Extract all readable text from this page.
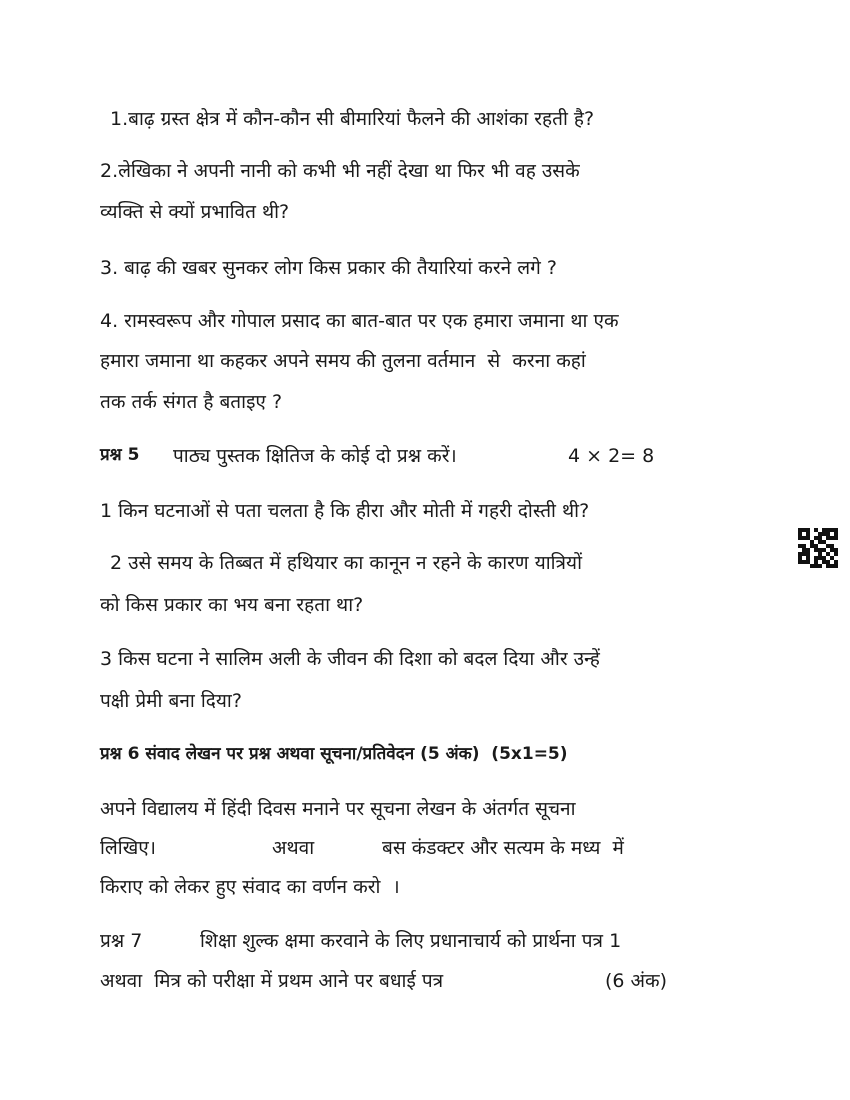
1.बाढ़ ग्रस्त क्षेत्र में कौन-कौन सी बीमारियां फैलने की आशंका रहती है?
2.लेखिका ने अपनी नानी को कभी भी नहीं देखा था फिर भी वह उसके
व्यक्ति से क्यों प्रभावित थी?
3. बाढ़ की खबर सुनकर लोग किस प्रकार की तैयारियां करने लगे ?
4. रामस्वरूप और गोपाल प्रसाद का बात-बात पर एक हमारा जमाना था एक
हमारा जमाना था कहकर अपने समय की तुलना वर्तमान  से  करना कहां
तक तर्क संगत है बताइए ?
प्रश्न 5 पाठ्य पुस्तक क्षितिज के कोई दो प्रश्न करें।	4 × 2= 8
1 किन घटनाओं से पता चलता है कि हीरा और मोती में गहरी दोस्ती थी?
2 उसे समय के तिब्बत में हथियार का कानून न रहने के कारण यात्रियों
को किस प्रकार का भय बना रहता था?
3 किस घटना ने सालिम अली के जीवन की दिशा को बदल दिया और उन्हें
पक्षी प्रेमी बना दिया?
प्रश्न 6 संवाद लेखन पर प्रश्न अथवा सूचना/प्रतिवेदन (5 अंक)  (5x1=5)
अपने विद्यालय में हिंदी दिवस मनाने पर सूचना लेखन के अंतर्गत सूचना
लिखिए।	अथवा	बस कंडक्टर और सत्यम के मध्य  में
किराए को लेकर हुए संवाद का वर्णन करो  ।
प्रश्न 7	शिक्षा शुल्क क्षमा करवाने के लिए प्रधानाचार्य को प्रार्थना पत्र 1
अथवा  मित्र को परीक्षा में प्रथम आने पर बधाई पत्र	(6 अंक)
